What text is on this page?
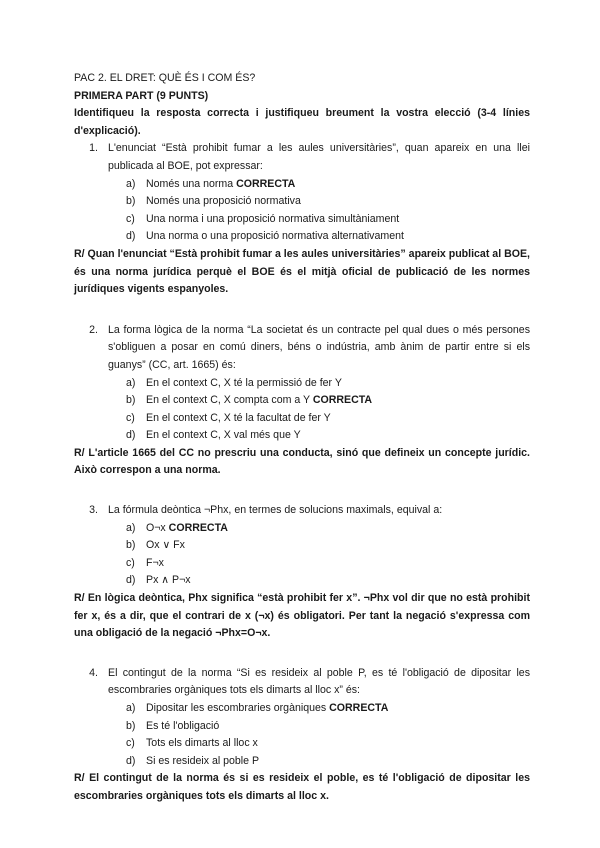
PAC 2. EL DRET: QUÈ ÉS I COM ÉS?

PRIMERA PART (9 PUNTS)

Identifiqueu la resposta correcta i justifiqueu breument la vostra elecció (3-4 línies d'explicació).

1. L'enunciat “Està prohibit fumar a les aules universitàries”, quan apareix en una llei publicada al BOE, pot expressar:
a) Només una norma CORRECTA
b) Només una proposició normativa
c)	Una norma i una proposició normativa simultàniament
d) Una norma o una proposició normativa alternativament

R/ Quan l'enunciat “Està prohibit fumar a les aules universitàries” apareix publicat al BOE, és una norma jurídica perquè el BOE és el mitjà oficial de publicació de les normes jurídiques vigents espanyoles.

2. La forma lògica de la norma “La societat és un contracte pel qual dues o més persones s'obliguen a posar en comú diners, béns o indústria, amb ànim de partir entre si els guanys” (CC, art. 1665) és:
a) En el context C, X té la permissió de fer Y
b) En el context C, X compta com a Y CORRECTA
c)	En el context C, X té la facultat de fer Y
d) En el context C, X val més que Y

R/ L'article 1665 del CC no prescriu una conducta, sinó que defineix un concepte jurídic. Això correspon a una norma.

3. La fórmula deòntica ¬Phx, en termes de solucions maximals, equival a:
a) O¬x CORRECTA
b) Ox ∨ Fx
c)	F¬x
d) Px ∧ P¬x

R/ En lògica deòntica, Phx significa “està prohibit fer x”. ¬Phx vol dir que no està prohibit fer x, és a dir, que el contrari de x (¬x) és obligatori. Per tant la negació s'expressa com una obligació de la negació ¬Phx=O¬x.

4. El contingut de la norma “Si es resideix al poble P, es té l'obligació de dipositar les escombraries orgàniques tots els dimarts al lloc x” és:
a) Dipositar les escombraries orgàniques CORRECTA
b) Es té l'obligació
c)	Tots els dimarts al lloc x
d) Si es resideix al poble P

R/ El contingut de la norma és si es resideix el poble, es té l'obligació de dipositar les escombraries orgàniques tots els dimarts al lloc x.
